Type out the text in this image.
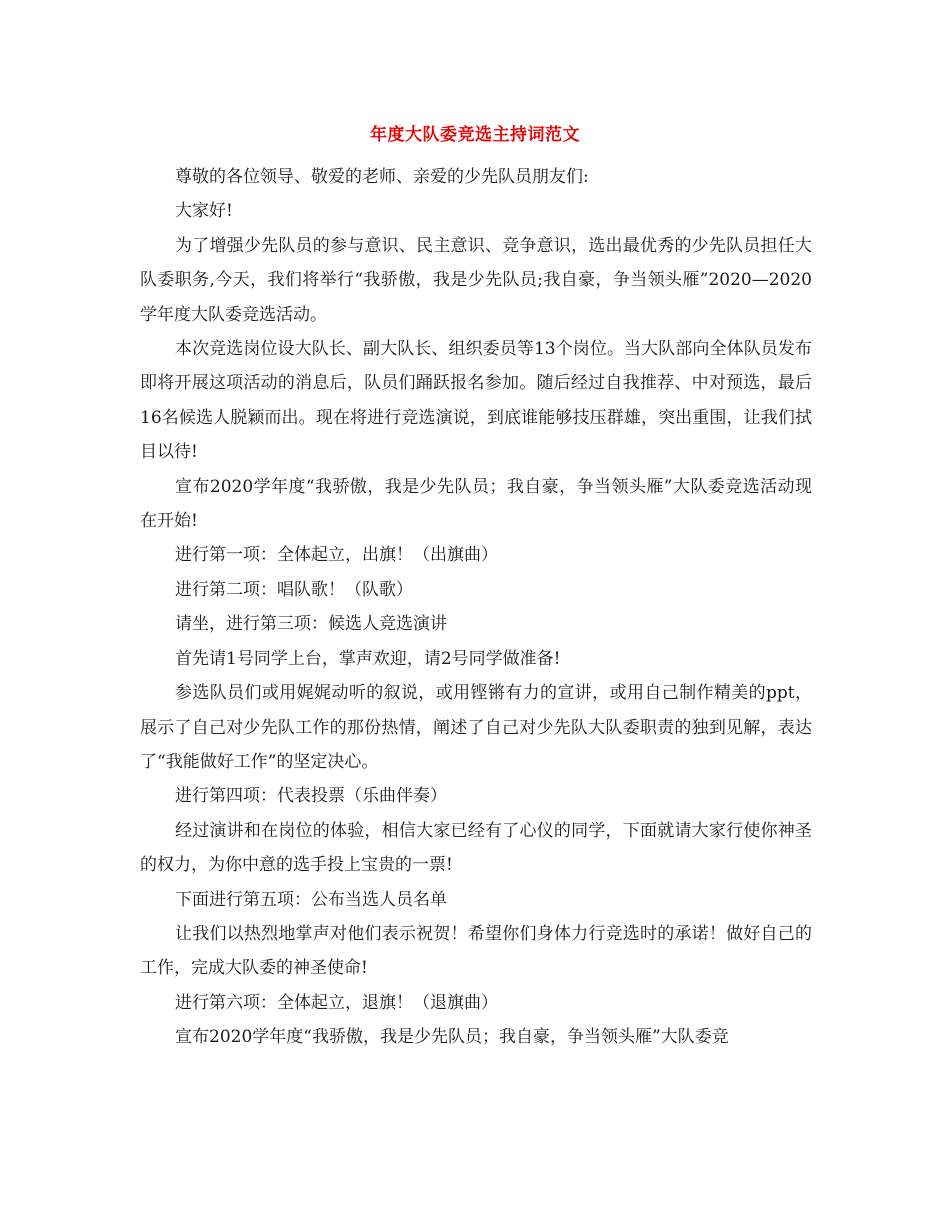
年度大队委竞选主持词范文

尊敬的各位领导、敬爱的老师、亲爱的少先队员朋友们:

大家好!

为了增强少先队员的参与意识、民主意识、竞争意识，选出最优秀的少先队员担任大队委职务,今天，我们将举行“我骄傲，我是少先队员;我自豪，争当领头雁”2020—2020学年度大队委竞选活动。

本次竞选岗位设大队长、副大队长、组织委员等13个岗位。当大队部向全体队员发布即将开展这项活动的消息后，队员们踊跃报名参加。随后经过自我推荐、中对预选，最后16名候选人脱颖而出。现在将进行竞选演说，到底谁能够技压群雄，突出重围，让我们拭目以待!

宣布2020学年度“我骄傲，我是少先队员；我自豪，争当领头雁”大队委竞选活动现在开始!

进行第一项：全体起立，出旗！（出旗曲）

进行第二项：唱队歌！（队歌）

请坐，进行第三项：候选人竞选演讲

首先请1号同学上台，掌声欢迎，请2号同学做准备!

参选队员们或用娓娓动听的叙说，或用铿锵有力的宣讲，或用自己制作精美的ppt，展示了自己对少先队工作的那份热情，阐述了自己对少先队大队委职责的独到见解，表达了“我能做好工作”的坚定决心。

进行第四项：代表投票（乐曲伴奏）

经过演讲和在岗位的体验，相信大家已经有了心仪的同学，下面就请大家行使你神圣的权力，为你中意的选手投上宝贵的一票!

下面进行第五项：公布当选人员名单

让我们以热烈地掌声对他们表示祝贺！希望你们身体力行竞选时的承诺！做好自己的工作，完成大队委的神圣使命!

进行第六项：全体起立，退旗！（退旗曲）

宣布2020学年度“我骄傲，我是少先队员；我自豪，争当领头雁”大队委竞
